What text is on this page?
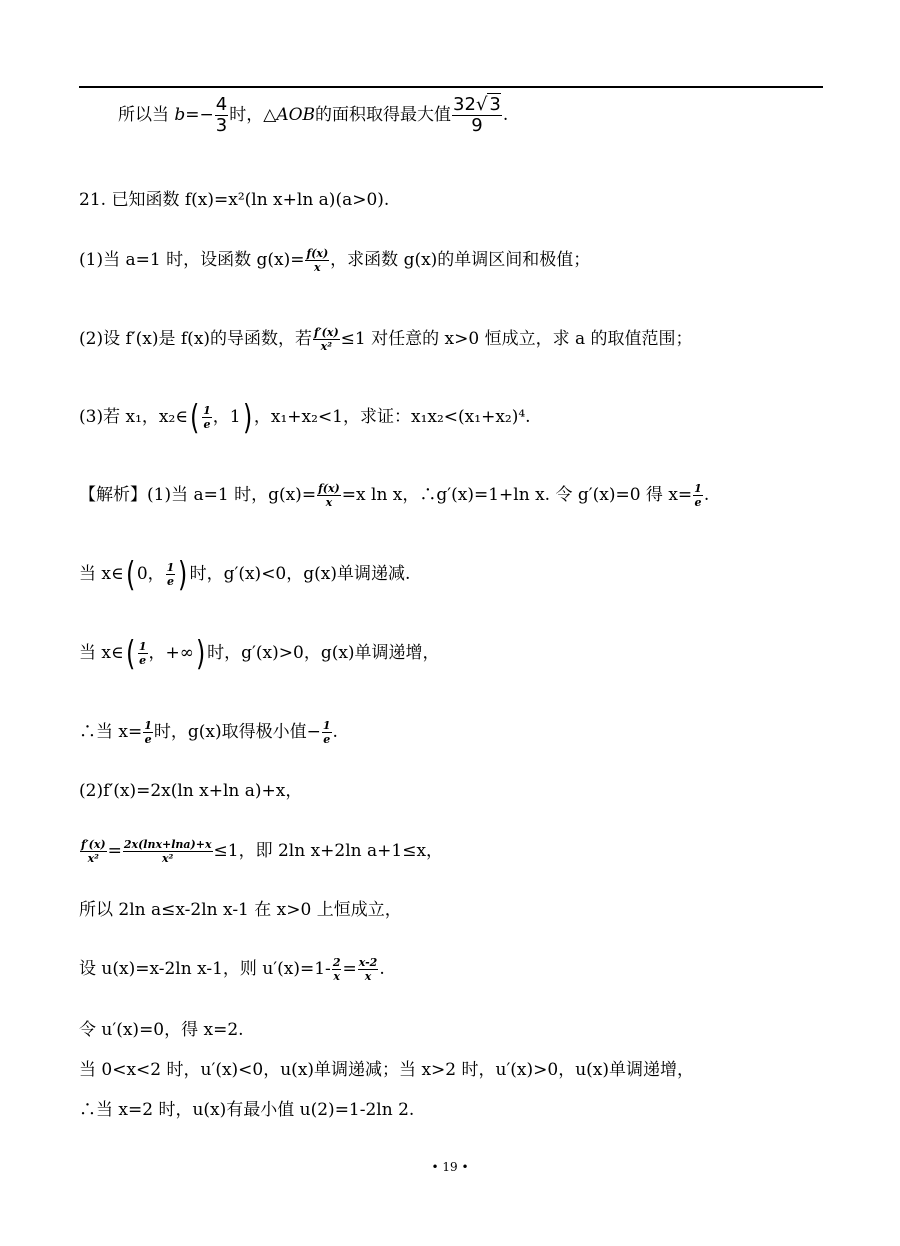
所以当 $b=- \frac{4}{3}$ 时，△AOB的面积取得最大值 $\frac{32√ 3}{9}$ .
21. 已知函数 f(x)=x²(ln x+ln a)(a>0).
(1)当 a=1 时，设函数 $g(x)= \frac{f(x)}{x}$ ，求函数 g(x)的单调区间和极值；
(2)设 f′(x)是 f(x)的导函数，若 $\frac{f'(x)}{\text{x²}} \le 1$ 对任意的 x>0 恒成立，求 a 的取值范围；
(3)若 x₁，x₂∈( $\frac{1}{e}$ ，1) ，x₁+x₂<1，求证：x₁x₂<(x₁+x₂)⁴.
【解析】(1)当 a=1 时，$g(x)= \frac{f(x)}{x} =x$ ln x，∴g′(x)=1+ln x. 令 g′(x)=0 得 $x= \frac{1}{e}$ .
当 x∈( 0， $\frac{1}{e}$ ) 时，g′(x)<0，g(x)单调递减.
当 x∈( $\frac{1}{e}$ ，+∞) 时，g′(x)>0，g(x)单调递增，
∴当 $x= \frac{1}{e}$ 时，g(x)取得极小值− $\frac{1}{e}$ .
(2)f′(x)=2x(ln x+ln a)+x，
$\frac{f'(x)}{\text{x²}} = \frac{2x(\ln x+\ln a)+x}{\text{x²}} \le 1$，即 2ln x+2ln a+1≤x，
所以 2ln a≤x-2ln x-1 在 x>0 上恒成立，
设 u(x)=x-2ln x-1，则 $u'(x)=1- \frac{2}{x} = \frac{x-2}{x}$ .
令 u′(x)=0，得 x=2.
当 0<x<2 时，u′(x)<0，u(x)单调递减；当 x>2 时，u′(x)>0，u(x)单调递增，
∴当 x=2 时，u(x)有最小值 u(2)=1-2ln 2.
• 19 •
